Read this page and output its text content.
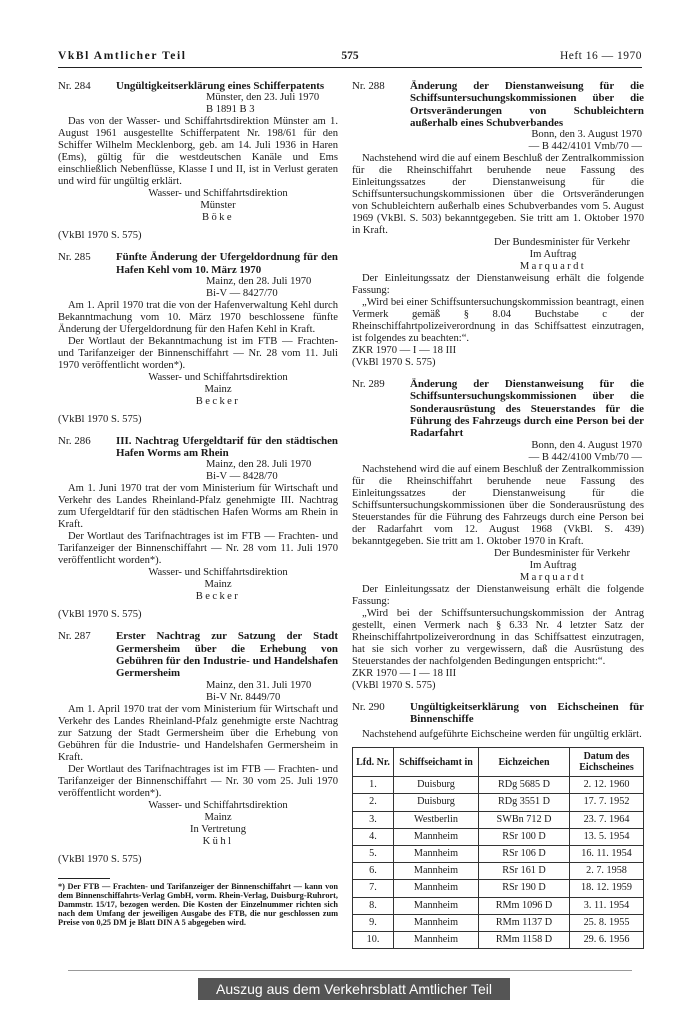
VkBl Amtlicher Teil	575	Heft 16 — 1970
Nr. 284	Ungültigkeitserklärung eines Schifferpatents
Münster, den 23. Juli 1970
B 1891 B 3

Das von der Wasser- und Schiffahrtsdirektion Münster am 1. August 1961 ausgestellte Schifferpatent Nr. 198/61 für den Schiffer Wilhelm Mecklenborg, geb. am 14. Juli 1936 in Haren (Ems), gültig für die westdeutschen Kanäle und Ems einschließlich Nebenflüsse, Klasse I und II, ist in Verlust geraten und wird für ungültig erklärt.

Wasser- und Schiffahrtsdirektion
Münster
Böke
(VkBl 1970 S. 575)
Nr. 285	Fünfte Änderung der Ufergeldordnung für den Hafen Kehl vom 10. März 1970
Mainz, den 28. Juli 1970
Bi-V — 8427/70

Am 1. April 1970 trat die von der Hafenverwaltung Kehl durch Bekanntmachung vom 10. März 1970 beschlossene fünfte Änderung der Ufergeldordnung für den Hafen Kehl in Kraft.

Der Wortlaut der Bekanntmachung ist im FTB — Frachten- und Tarifanzeiger der Binnenschiffahrt — Nr. 28 vom 11. Juli 1970 veröffentlicht worden*).

Wasser- und Schiffahrtsdirektion
Mainz
Becker
(VkBl 1970 S. 575)
Nr. 286	III. Nachtrag Ufergeldtarif für den städtischen Hafen Worms am Rhein
Mainz, den 28. Juli 1970
Bi-V — 8428/70

Am 1. Juni 1970 trat der vom Ministerium für Wirtschaft und Verkehr des Landes Rheinland-Pfalz genehmigte III. Nachtrag zum Ufergeldtarif für den städtischen Hafen Worms am Rhein in Kraft.

Der Wortlaut des Tarifnachtrages ist im FTB — Frachten- und Tarifanzeiger der Binnenschiffahrt — Nr. 28 vom 11. Juli 1970 veröffentlicht worden*).

Wasser- und Schiffahrtsdirektion
Mainz
Becker
(VkBl 1970 S. 575)
Nr. 287	Erster Nachtrag zur Satzung der Stadt Germersheim über die Erhebung von Gebühren für den Industrie- und Handelshafen Germersheim
Mainz, den 31. Juli 1970
Bi-V Nr. 8449/70

Am 1. April 1970 trat der vom Ministerium für Wirtschaft und Verkehr des Landes Rheinland-Pfalz genehmigte erste Nachtrag zur Satzung der Stadt Germersheim über die Erhebung von Gebühren für die Industrie- und Handelshafen Germersheim in Kraft.

Der Wortlaut des Tarifnachtrages ist im FTB — Frachten- und Tarifanzeiger der Binnenschiffahrt — Nr. 30 vom 25. Juli 1970 veröffentlicht worden*).

Wasser- und Schiffahrtsdirektion
Mainz
In Vertretung
Kühl
(VkBl 1970 S. 575)
*) Der FTB — Frachten- und Tarifanzeiger der Binnenschiffahrt — kann von dem Binnenschiffahrts-Verlag GmbH, vorm. Rhein-Verlag, Duisburg-Ruhrort, Dammstr. 15/17, bezogen werden. Die Kosten der Einzelnummer richten sich nach dem Umfang der jeweiligen Ausgabe des FTB, die nur geschlossen zum Preise von 0,25 DM je Blatt DIN A 5 abgegeben wird.
Nr. 288	Änderung der Dienstanweisung für die Schiffsuntersuchungskommissionen über die Ortsveränderungen von Schubleichtern außerhalb eines Schubverbandes
Bonn, den 3. August 1970
— B 442/4101 Vmb/70 —

Nachstehend wird die auf einem Beschluß der Zentralkommission für die Rheinschiffahrt beruhende neue Fassung des Einleitungssatzes der Dienstanweisung für die Schiffsuntersuchungskommissionen über die Ortsveränderungen von Schubleichtern außerhalb eines Schubverbandes vom 5. August 1969 (VkBl. S. 503) bekanntgegeben. Sie tritt am 1. Oktober 1970 in Kraft.

Der Bundesminister für Verkehr
Im Auftrag
Marquardt

Der Einleitungssatz der Dienstanweisung erhält die folgende Fassung:

„Wird bei einer Schiffsuntersuchungskommission beantragt, einen Vermerk gemäß § 8.04 Buchstabe c der Rheinschiffahrtpolizeiverordnung in das Schiffsattest einzutragen, ist folgendes zu beachten:“.

ZKR 1970 — I — 18 III
(VkBl 1970 S. 575)
Nr. 289	Änderung der Dienstanweisung für die Schiffsuntersuchungskommissionen über die Sonderausrüstung des Steuerstandes für die Führung des Fahrzeugs durch eine Person bei der Radarfahrt
Bonn, den 4. August 1970
— B 442/4100 Vmb/70 —

Nachstehend wird die auf einem Beschluß der Zentralkommission für die Rheinschiffahrt beruhende neue Fassung des Einleitungssatzes der Dienstanweisung für die Schiffsuntersuchungskommissionen über die Sonderausrüstung des Steuerstandes für die Führung des Fahrzeugs durch eine Person bei der Radarfahrt vom 12. August 1968 (VkBl. S. 439) bekanntgegeben. Sie tritt am 1. Oktober 1970 in Kraft.

Der Bundesminister für Verkehr
Im Auftrag
Marquardt

Der Einleitungssatz der Dienstanweisung erhält die folgende Fassung:

„Wird bei der Schiffsuntersuchungskommission der Antrag gestellt, einen Vermerk nach § 6.33 Nr. 4 letzter Satz der Rheinschiffahrtpolizeiverordnung in das Schiffsattest einzutragen, hat sie sich vorher zu vergewissern, daß die Ausrüstung des Steuerstandes der nachfolgenden Bedingungen entspricht:“.

ZKR 1970 — I — 18 III
(VkBl 1970 S. 575)
Nr. 290	Ungültigkeitserklärung von Eichscheinen für Binnenschiffe

Nachstehend aufgeführte Eichscheine werden für ungültig erklärt.

Lfd. Nr.	Schiffseichamt in	Eichzeichen	Datum des Eichscheines
1.	Duisburg	RDg 5685 D	2. 12. 1960
2.	Duisburg	RDg 3551 D	17. 7. 1952
3.	Westberlin	SWBn 712 D	23. 7. 1964
4.	Mannheim	RSr 100 D	13. 5. 1954
5.	Mannheim	RSr 106 D	16. 11. 1954
6.	Mannheim	RSr 161 D	2. 7. 1958
7.	Mannheim	RSr 190 D	18. 12. 1959
8.	Mannheim	RMm 1096 D	3. 11. 1954
9.	Mannheim	RMm 1137 D	25. 8. 1955
10.	Mannheim	RMm 1158 D	29. 6. 1956
Auszug aus dem Verkehrsblatt Amtlicher Teil
